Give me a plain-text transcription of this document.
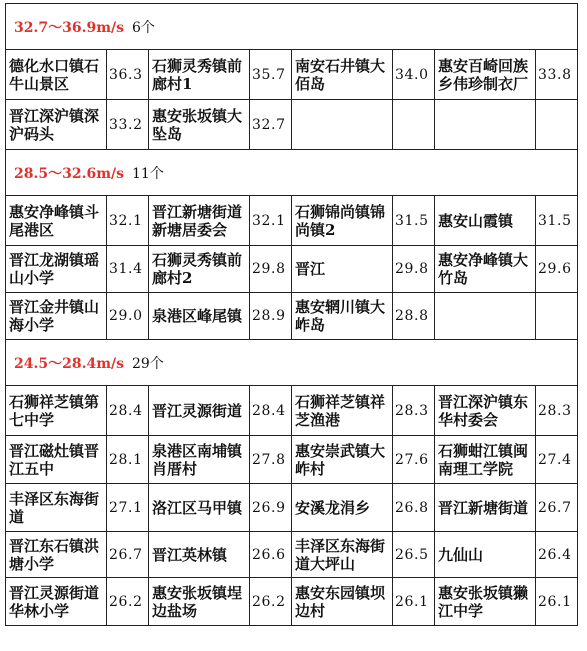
32.7～36.9m/s 6个							
德化水口镇石牛山景区	36.3	石狮灵秀镇前廊村1	35.7	南安石井镇大佰岛	34.0	惠安百崎回族乡伟珍制衣厂	33.8
晋江深沪镇深沪码头	33.2	惠安张坂镇大坠岛	32.7				
28.5～32.6m/s 11个							
惠安净峰镇斗尾港区	32.1	晋江新塘街道新塘居委会	32.1	石狮锦尚镇锦尚镇2	31.5	惠安山霞镇	31.5
晋江龙湖镇瑶山小学	31.4	石狮灵秀镇前廊村2	29.8	晋江	29.8	惠安净峰镇大竹岛	29.6
晋江金井镇山海小学	29.0	泉港区峰尾镇	28.9	惠安辋川镇大岞岛	28.8		
24.5～28.4m/s 29个							
石狮祥芝镇第七中学	28.4	晋江灵源街道	28.4	石狮祥芝镇祥芝渔港	28.3	晋江深沪镇东华村委会	28.3
晋江磁灶镇晋江五中	28.1	泉港区南埔镇肖厝村	27.8	惠安崇武镇大岞村	27.6	石狮蚶江镇闽南理工学院	27.4
丰泽区东海街道	27.1	洛江区马甲镇	26.9	安溪龙涓乡	26.8	晋江新塘街道	26.7
晋江东石镇洪塘小学	26.7	晋江英林镇	26.6	丰泽区东海街道大坪山	26.5	九仙山	26.4
晋江灵源街道华林小学	26.2	惠安张坂镇埕边盐场	26.2	惠安东园镇坝边村	26.1	惠安张坂镇獭江中学	26.1
